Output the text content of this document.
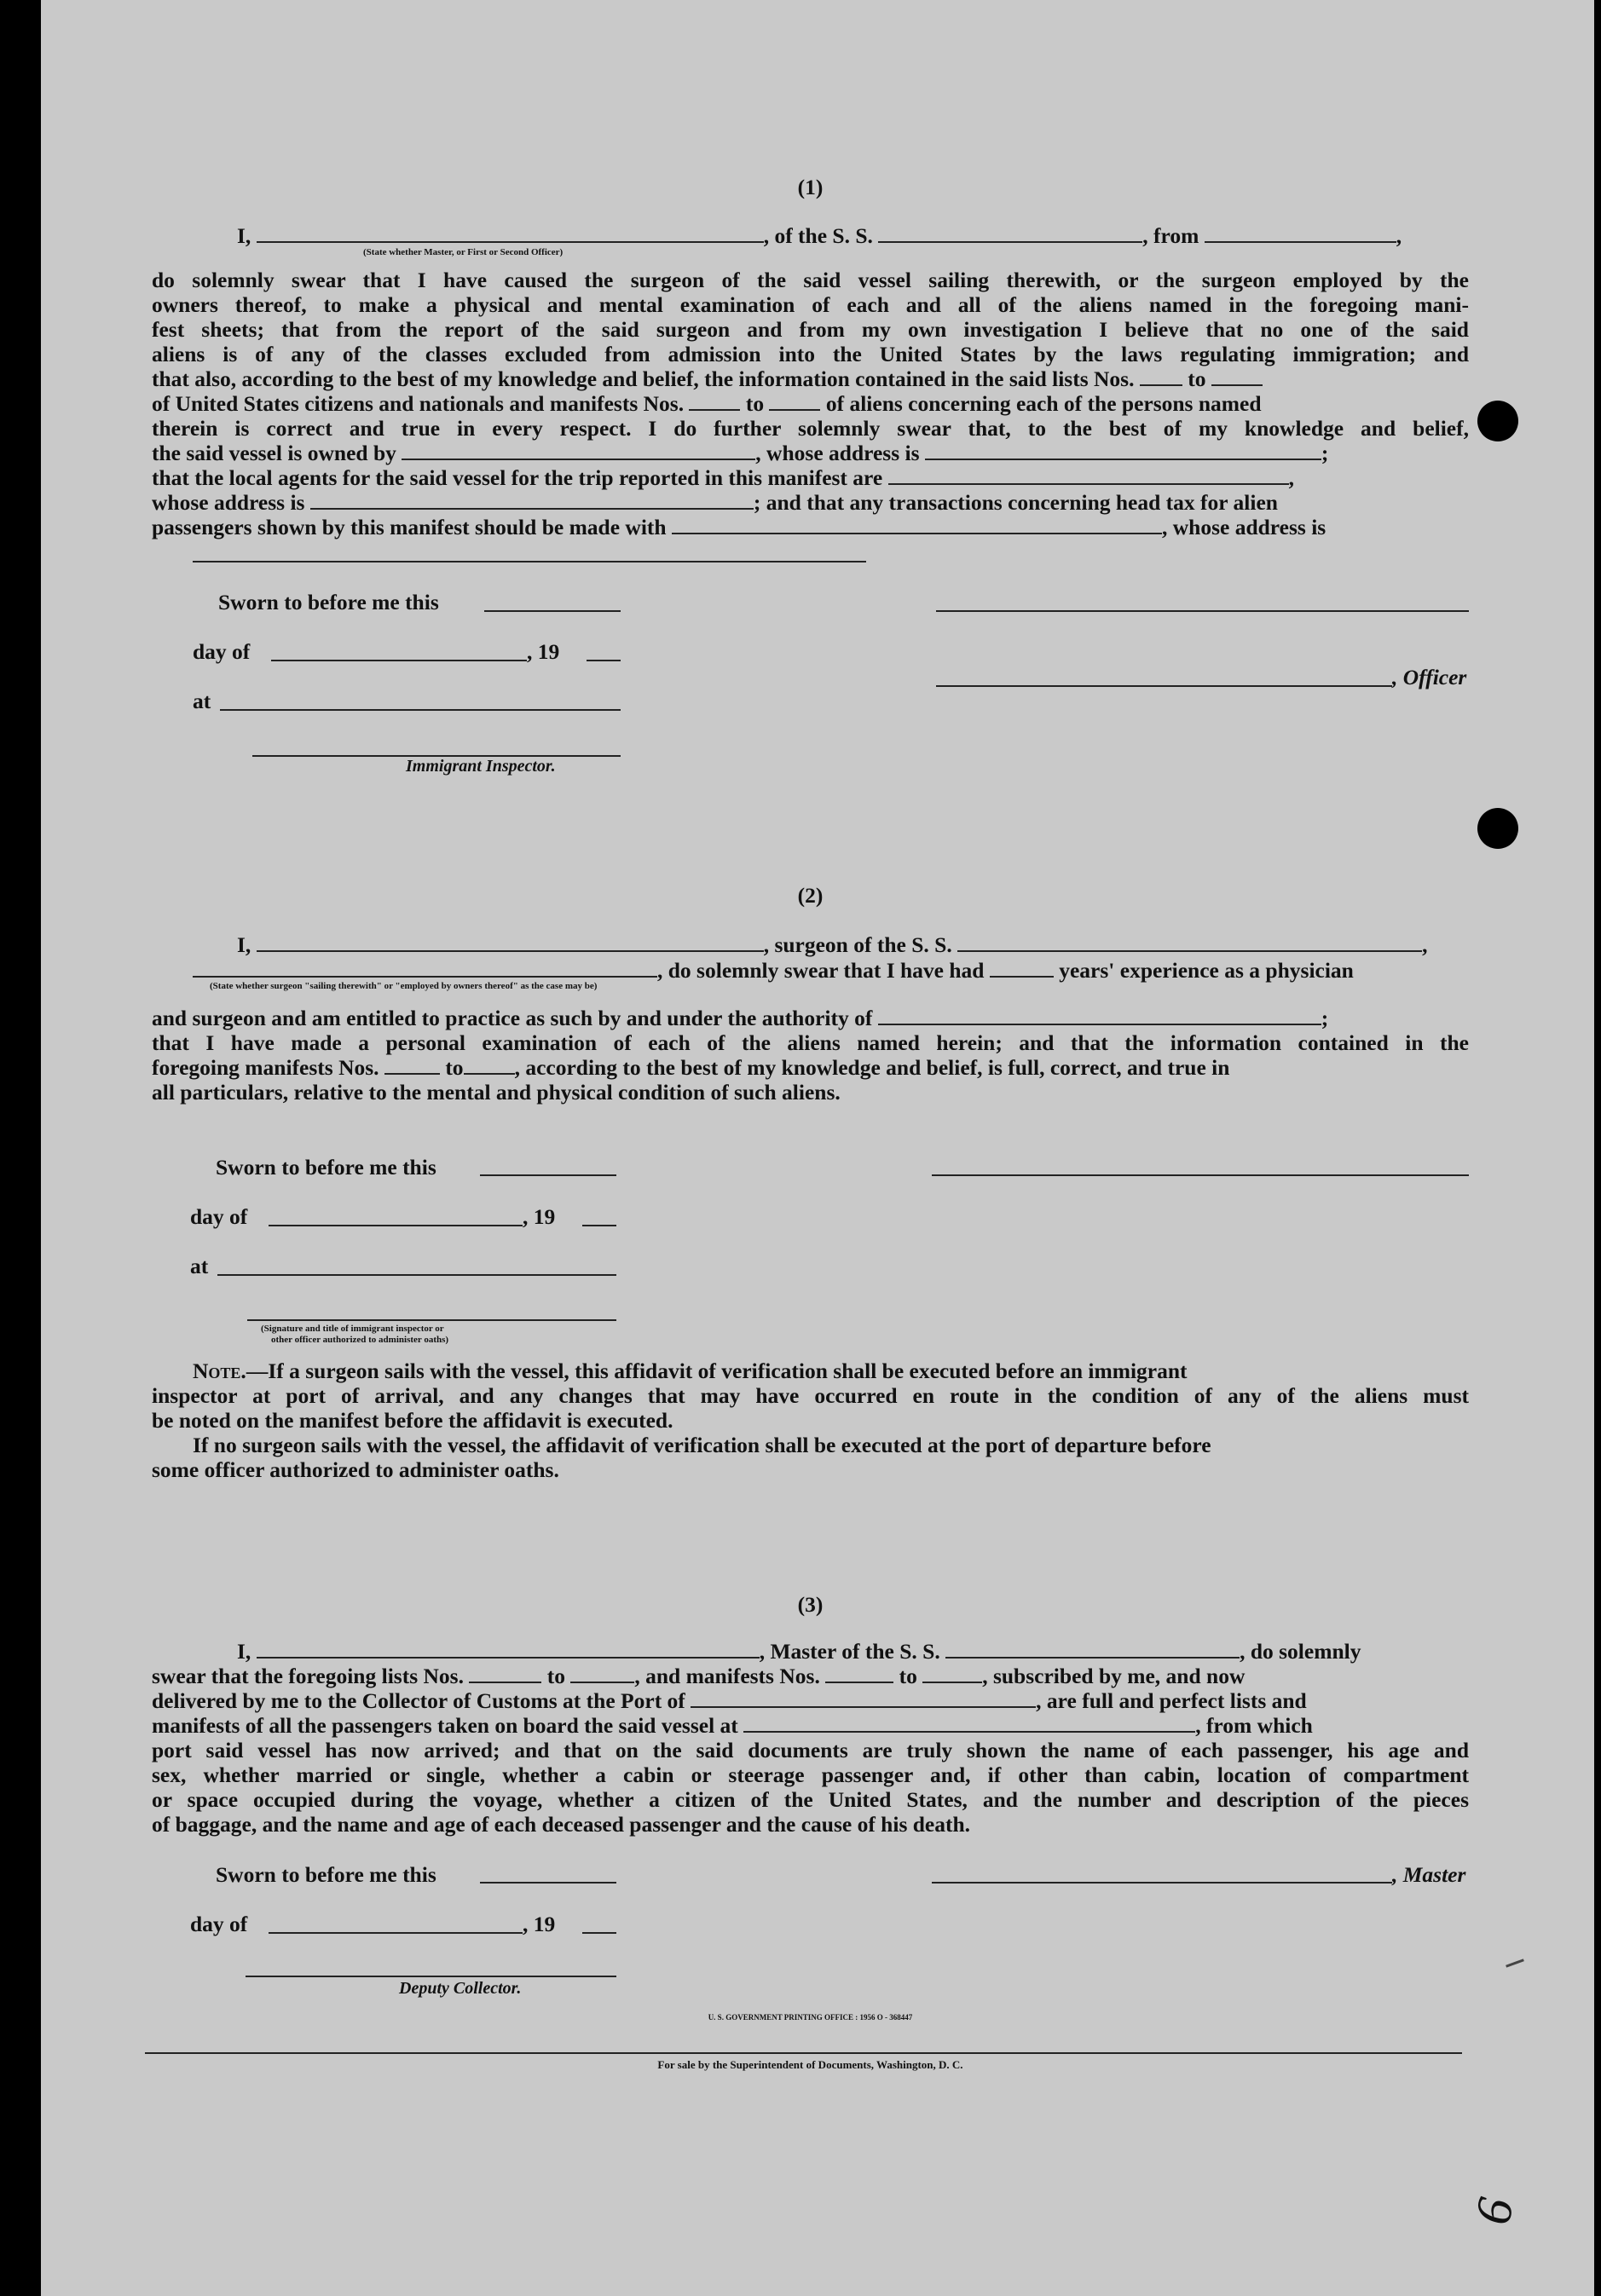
6
(1)
I,	, of the S. S.	, from	,
(State whether Master, or First or Second Officer)
do solemnly swear that I have caused the surgeon of the said vessel sailing therewith, or the surgeon employed by the
owners thereof, to make a physical and mental examination of each and all of the aliens named in the foregoing mani-
fest sheets; that from the report of the said surgeon and from my own investigation I believe that no one of the said
aliens is of any of the classes excluded from admission into the United States by the laws regulating immigration; and
that also, according to the best of my knowledge and belief, the information contained in the said lists Nos. to
of United States citizens and nationals and manifests Nos.	to	of aliens concerning each of the persons named
therein is correct and true in every respect. I do further solemnly swear that, to the best of my knowledge and belief,
the said vessel is owned by	, whose address is	;
that the local agents for the said vessel for the trip reported in this manifest are	,
whose address is	; and that any transactions concerning head tax for alien
passengers shown by this manifest should be made with	, whose address is
Sworn to before me this
day of	, 19
, Officer
at
Immigrant Inspector.
(2)
I,	, surgeon of the S. S.	,
, do solemnly swear that I have had	years' experience as a physician
(State whether surgeon "sailing therewith" or "employed by owners thereof" as the case may be)
and surgeon and am entitled to practice as such by and under the authority of	;
that I have made a personal examination of each of the aliens named herein; and that the information contained in the
foregoing manifests Nos.	to , according to the best of my knowledge and belief, is full, correct, and true in
all particulars, relative to the mental and physical condition of such aliens.
Sworn to before me this
day of	, 19
at
(Signature and title of immigrant inspector or
other officer authorized to administer oaths)
Note.—If a surgeon sails with the vessel, this affidavit of verification shall be executed before an immigrant
inspector at port of arrival, and any changes that may have occurred en route in the condition of any of the aliens must
be noted on the manifest before the affidavit is executed.
If no surgeon sails with the vessel, the affidavit of verification shall be executed at the port of departure before
some officer authorized to administer oaths.
(3)
I,	, Master of the S. S.	, do solemnly
swear that the foregoing lists Nos.	to	, and manifests Nos.	to	, subscribed by me, and now
delivered by me to the Collector of Customs at the Port of	, are full and perfect lists and
manifests of all the passengers taken on board the said vessel at	, from which
port said vessel has now arrived; and that on the said documents are truly shown the name of each passenger, his age and
sex, whether married or single, whether a cabin or steerage passenger and, if other than cabin, location of compartment
or space occupied during the voyage, whether a citizen of the United States, and the number and description of the pieces
of baggage, and the name and age of each deceased passenger and the cause of his death.
Sworn to before me this	, Master
day of	, 19
Deputy Collector.
U. S. GOVERNMENT PRINTING OFFICE : 1956 O - 368447
For sale by the Superintendent of Documents, Washington, D. C.
